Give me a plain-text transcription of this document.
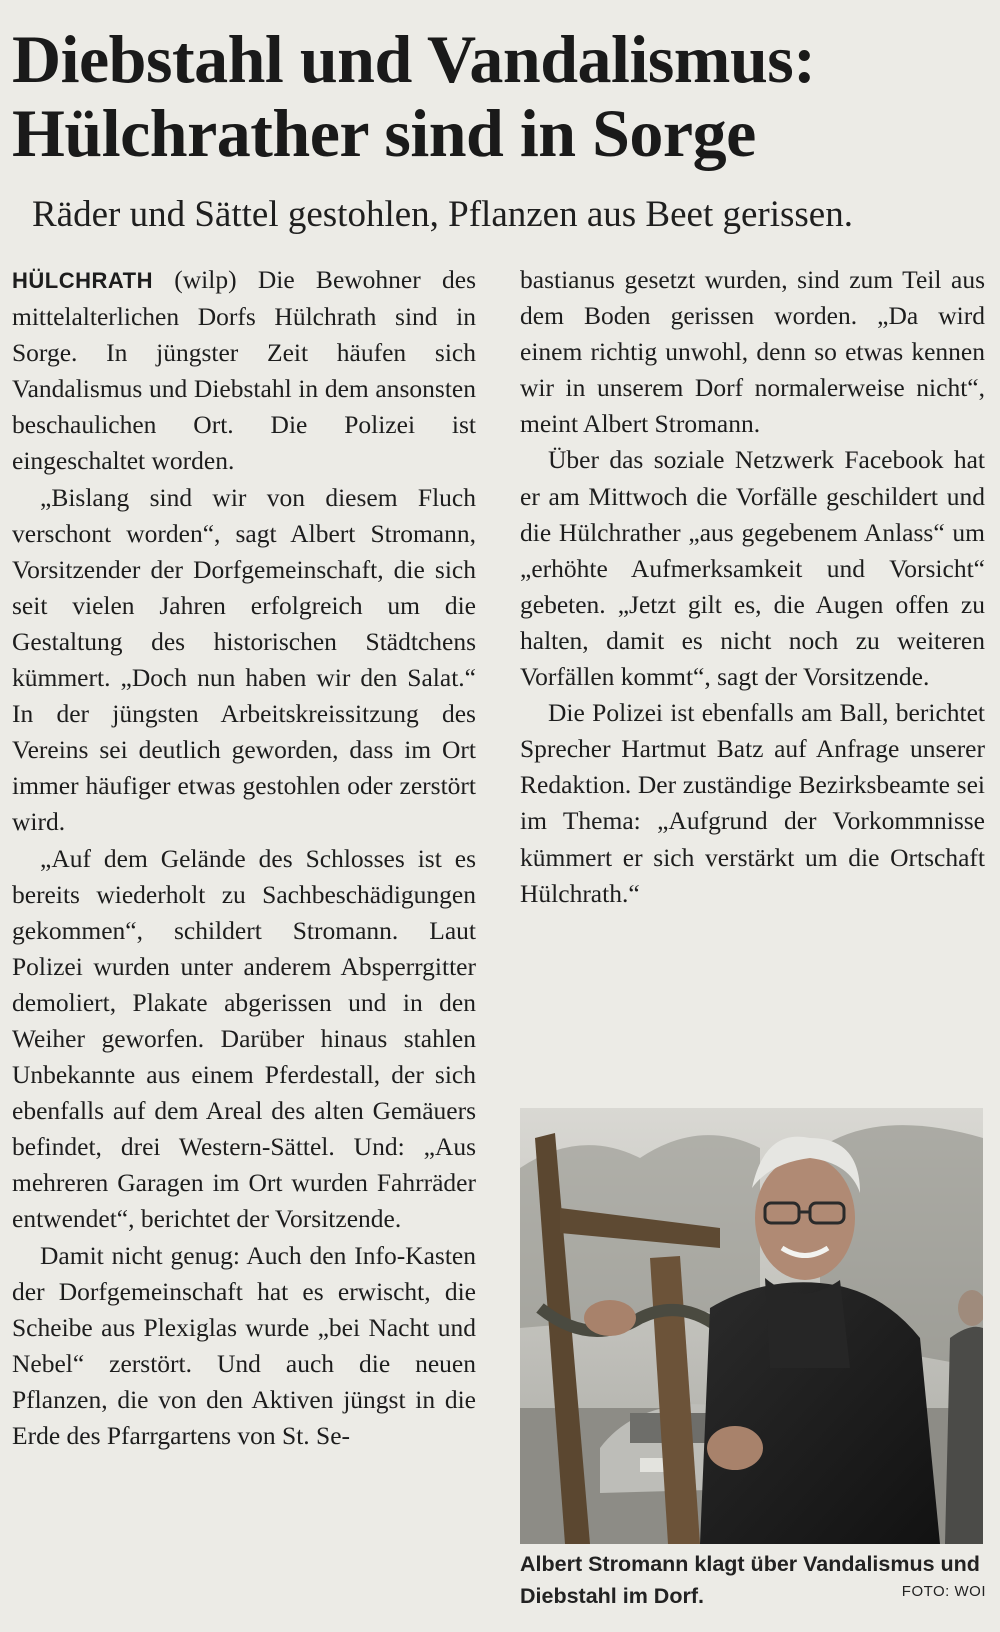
Diebstahl und Vandalismus:
Hülchrather sind in Sorge
Räder und Sättel gestohlen, Pflanzen aus Beet gerissen.

HÜLCHRATH (wilp) Die Bewohner des mittelalterlichen Dorfs Hülchrath sind in Sorge. In jüngster Zeit häufen sich Vandalismus und Diebstahl in dem ansonsten beschaulichen Ort. Die Polizei ist eingeschaltet worden.

„Bislang sind wir von diesem Fluch verschont worden“, sagt Albert Stromann, Vorsitzender der Dorfgemeinschaft, die sich seit vielen Jahren erfolgreich um die Gestaltung des historischen Städtchens kümmert. „Doch nun haben wir den Salat.“ In der jüngsten Arbeitskreissitzung des Vereins sei deutlich geworden, dass im Ort immer häufiger etwas gestohlen oder zerstört wird.

„Auf dem Gelände des Schlosses ist es bereits wiederholt zu Sachbeschädigungen gekommen“, schildert Stromann. Laut Polizei wurden unter anderem Absperrgitter demoliert, Plakate abgerissen und in den Weiher geworfen. Darüber hinaus stahlen Unbekannte aus einem Pferdestall, der sich ebenfalls auf dem Areal des alten Gemäuers befindet, drei Western-Sättel. Und: „Aus mehreren Garagen im Ort wurden Fahrräder entwendet“, berichtet der Vorsitzende.

Damit nicht genug: Auch den Info-Kasten der Dorfgemeinschaft hat es erwischt, die Scheibe aus Plexiglas wurde „bei Nacht und Nebel“ zerstört. Und auch die neuen Pflanzen, die von den Aktiven jüngst in die Erde des Pfarrgartens von St. Se-

bastianus gesetzt wurden, sind zum Teil aus dem Boden gerissen worden. „Da wird einem richtig unwohl, denn so etwas kennen wir in unserem Dorf normalerweise nicht“, meint Albert Stromann.

Über das soziale Netzwerk Facebook hat er am Mittwoch die Vorfälle geschildert und die Hülchrather „aus gegebenem Anlass“ um „erhöhte Aufmerksamkeit und Vorsicht“ gebeten. „Jetzt gilt es, die Augen offen zu halten, damit es nicht noch zu weiteren Vorfällen kommt“, sagt der Vorsitzende.

Die Polizei ist ebenfalls am Ball, berichtet Sprecher Hartmut Batz auf Anfrage unserer Redaktion. Der zuständige Bezirksbeamte sei im Thema: „Aufgrund der Vorkommnisse kümmert er sich verstärkt um die Ortschaft Hülchrath.“

Albert Stromann klagt über Vandalismus und Diebstahl im Dorf.	FOTO: WOI
